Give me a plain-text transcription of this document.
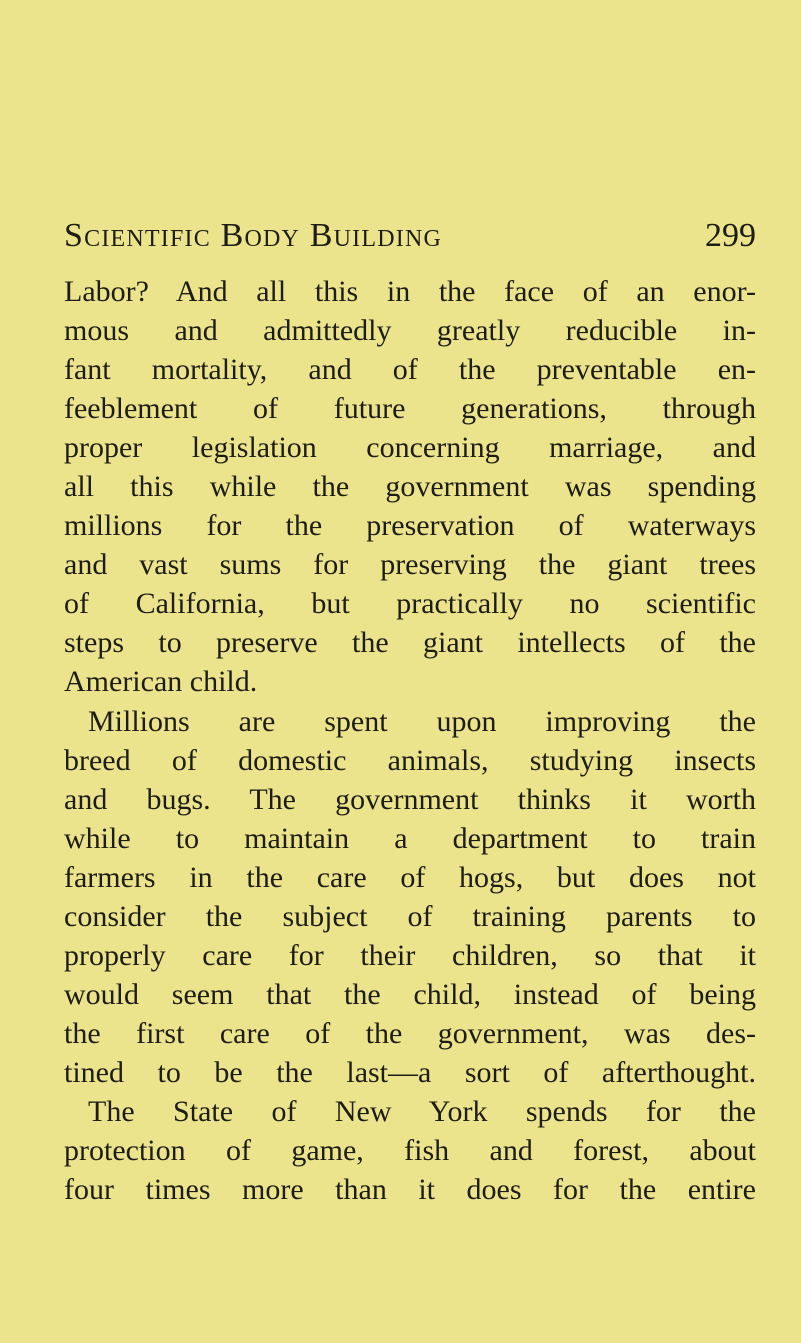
Scientific Body Building	299
Labor? And all this in the face of an enor-
mous and admittedly greatly reducible in-
fant mortality, and of the preventable en-
feeblement of future generations, through
proper legislation concerning marriage, and
all this while the government was spending
millions for the preservation of waterways
and vast sums for preserving the giant trees
of California, but practically no scientific
steps to preserve the giant intellects of the
American child.
Millions are spent upon improving the
breed of domestic animals, studying insects
and bugs. The government thinks it worth
while to maintain a department to train
farmers in the care of hogs, but does not
consider the subject of training parents to
properly care for their children, so that it
would seem that the child, instead of being
the first care of the government, was des-
tined to be the last—a sort of afterthought.
The State of New York spends for the
protection of game, fish and forest, about
four times more than it does for the entire
